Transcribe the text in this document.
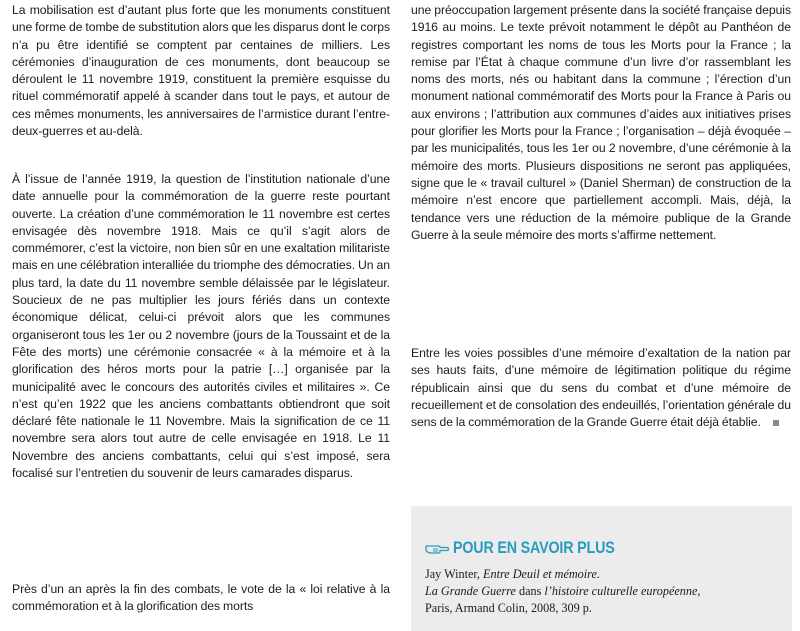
La mobilisation est d’autant plus forte que les monuments constituent une forme de tombe de substitution alors que les disparus dont le corps n’a pu être identifié se comptent par centaines de milliers. Les cérémonies d’inauguration de ces monuments, dont beaucoup se déroulent le 11 novembre 1919, constituent la première esquisse du rituel commémoratif appelé à scander dans tout le pays, et autour de ces mêmes monuments, les anniversaires de l’armistice durant l’entre-deux-guerres et au-delà.

À l’issue de l’année 1919, la question de l’institution nationale d’une date annuelle pour la commémoration de la guerre reste pourtant ouverte. La création d’une commémoration le 11 novembre est certes envisagée dès novembre 1918. Mais ce qu’il s’agit alors de commémorer, c’est la victoire, non bien sûr en une exaltation militariste mais en une célébration interalliée du triomphe des démocraties. Un an plus tard, la date du 11 novembre semble délaissée par le législateur. Soucieux de ne pas multiplier les jours fériés dans un contexte économique délicat, celui-ci prévoit alors que les communes organiseront tous les 1er ou 2 novembre (jours de la Toussaint et de la Fête des morts) une cérémonie consacrée « à la mémoire et à la glorification des héros morts pour la patrie […] organisée par la municipalité avec le concours des autorités civiles et militaires ». Ce n’est qu’en 1922 que les anciens combattants obtiendront que soit déclaré fête nationale le 11 Novembre. Mais la signification de ce 11 novembre sera alors tout autre de celle envisagée en 1918. Le 11 Novembre des anciens combattants, celui qui s’est imposé, sera focalisé sur l’entretien du souvenir de leurs camarades disparus.

Près d’un an après la fin des combats, le vote de la « loi relative à la commémoration et à la glorification des morts

une préoccupation largement présente dans la société française depuis 1916 au moins. Le texte prévoit notamment le dépôt au Panthéon de registres comportant les noms de tous les Morts pour la France ; la remise par l’État à chaque commune d’un livre d’or rassemblant les noms des morts, nés ou habitant dans la commune ; l’érection d’un monument national commémoratif des Morts pour la France à Paris ou aux environs ; l’attribution aux communes d’aides aux initiatives prises pour glorifier les Morts pour la France ; l’organisation – déjà évoquée – par les municipalités, tous les 1er ou 2 novembre, d’une cérémonie à la mémoire des morts. Plusieurs dispositions ne seront pas appliquées, signe que le « travail culturel » (Daniel Sherman) de construction de la mémoire n’est encore que partiellement accompli. Mais, déjà, la tendance vers une réduction de la mémoire publique de la Grande Guerre à la seule mémoire des morts s’affirme nettement.

Entre les voies possibles d’une mémoire d’exaltation de la nation par ses hauts faits, d’une mémoire de légitimation politique du régime républicain ainsi que du sens du combat et d’une mémoire de recueillement et de consolation des endeuillés, l’orientation générale du sens de la commémoration de la Grande Guerre était déjà établie.

POUR EN SAVOIR PLUS
Jay Winter, Entre Deuil et mémoire.
La Grande Guerre dans l’histoire culturelle européenne,
Paris, Armand Colin, 2008, 309 p.
